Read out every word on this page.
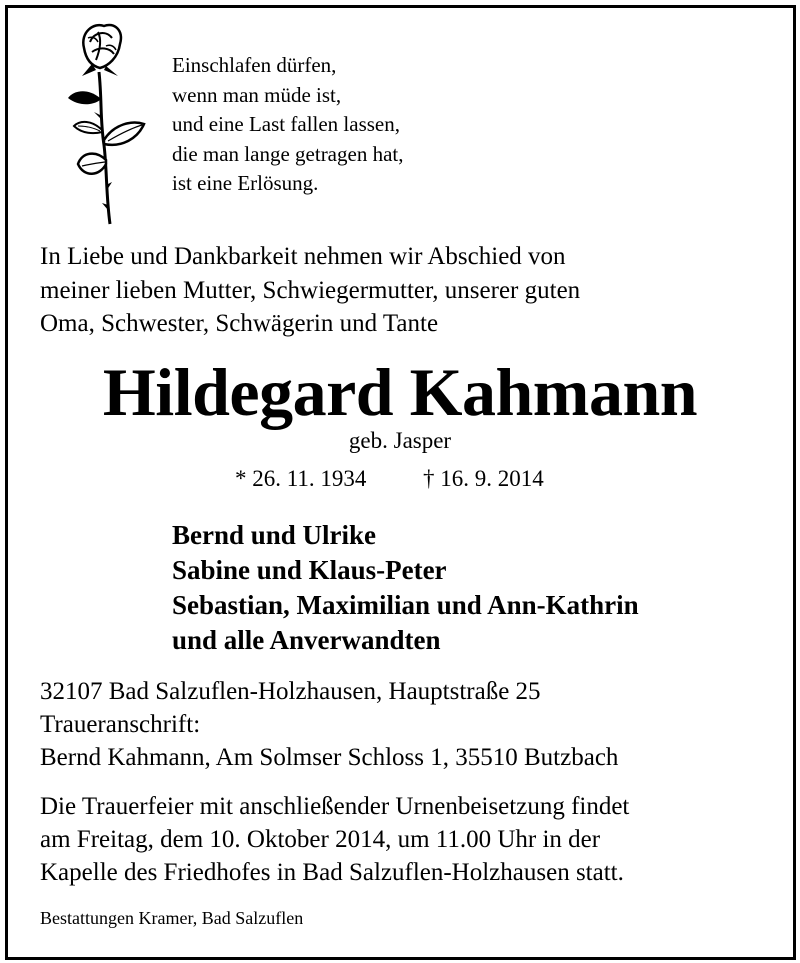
Einschlafen dürfen,
wenn man müde ist,
und eine Last fallen lassen,
die man lange getragen hat,
ist eine Erlösung.
In Liebe und Dankbarkeit nehmen wir Abschied von
meiner lieben Mutter, Schwiegermutter, unserer guten
Oma, Schwester, Schwägerin und Tante
Hildegard Kahmann
geb. Jasper
* 26. 11. 1934 † 16. 9. 2014
Bernd und Ulrike
Sabine und Klaus-Peter
Sebastian, Maximilian und Ann-Kathrin
und alle Anverwandten
32107 Bad Salzuflen-Holzhausen, Hauptstraße 25
Traueranschrift:
Bernd Kahmann, Am Solmser Schloss 1, 35510 Butzbach
Die Trauerfeier mit anschließender Urnenbeisetzung findet
am Freitag, dem 10. Oktober 2014, um 11.00 Uhr in der
Kapelle des Friedhofes in Bad Salzuflen-Holzhausen statt.
Bestattungen Kramer, Bad Salzuflen
